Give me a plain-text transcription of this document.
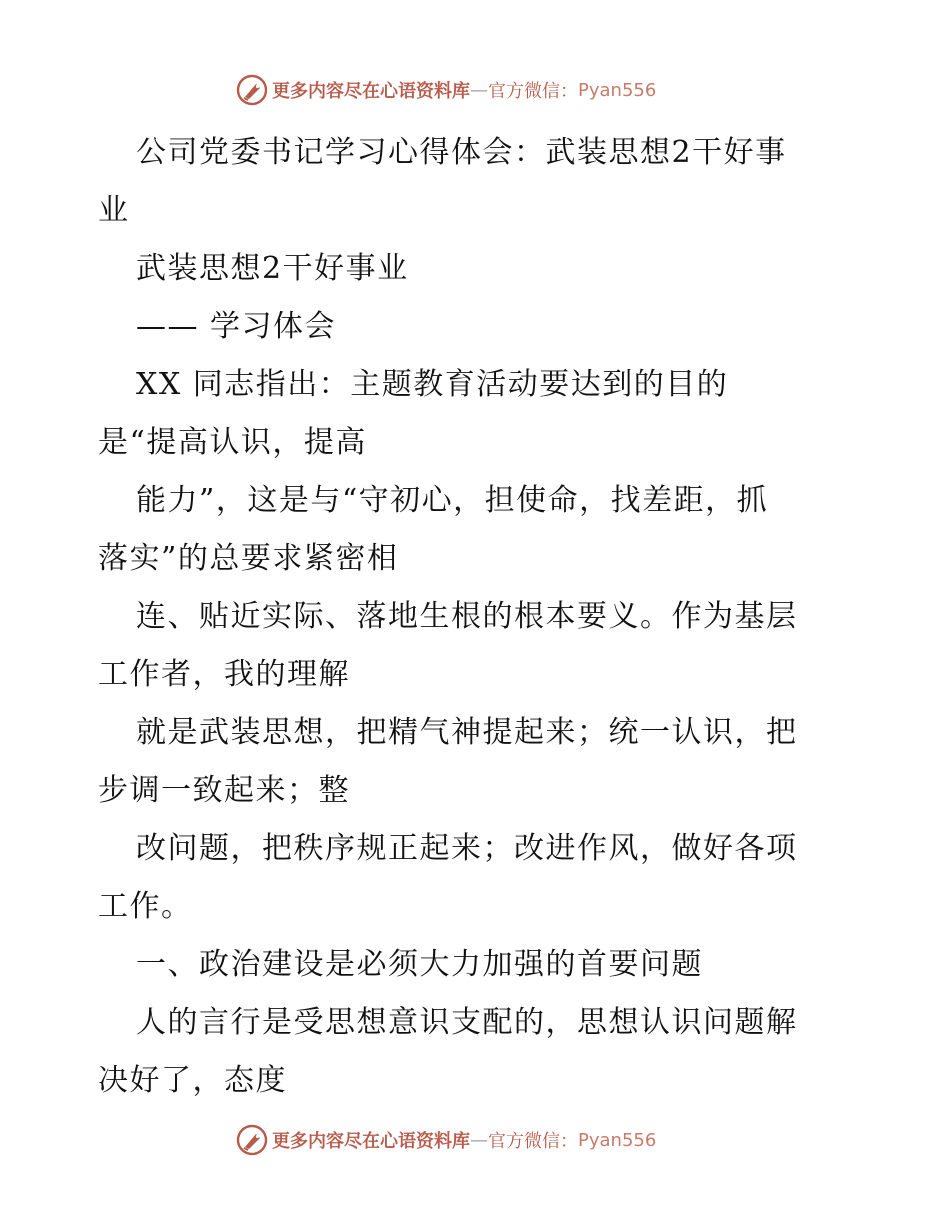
更多内容尽在心语资料库 — 官方微信： Pyan556
公司党委书记学习心得体会：武装思想2干好事
业
武装思想2干好事业
—— 学习体会
XX 同志指出：主题教育活动要达到的目的
是“提高认识，提高
能力”，这是与“守初心，担使命，找差距，抓
落实”的总要求紧密相
连、贴近实际、落地生根的根本要义。作为基层
工作者，我的理解
就是武装思想，把精气神提起来；统一认识，把
步调一致起来；整
改问题，把秩序规正起来；改进作风，做好各项
工作。
一、政治建设是必须大力加强的首要问题
人的言行是受思想意识支配的，思想认识问题解
决好了，态度
更多内容尽在心语资料库 — 官方微信： Pyan556
